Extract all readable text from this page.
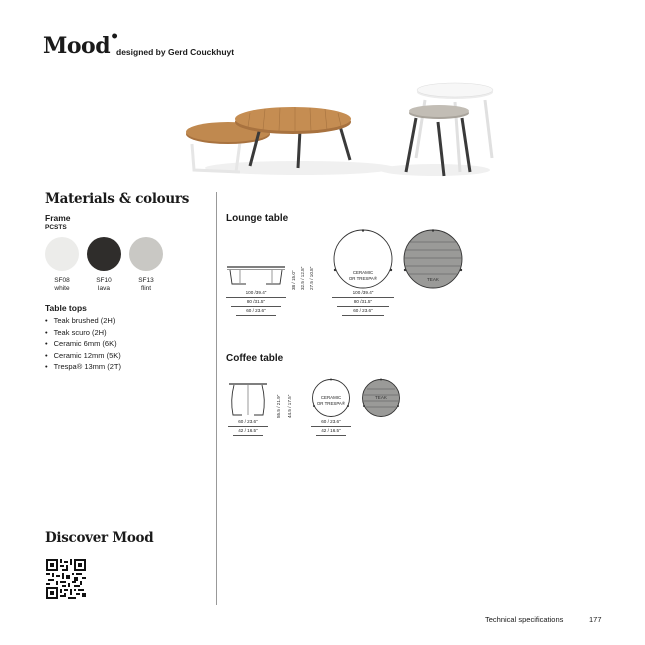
Mood•
designed by Gerd Couckhuyt
Materials & colours
Frame
PCSTS
SF08
white
SF10
lava
SF13
flint
Table tops
• Teak brushed (2H)
• Teak scuro (2H)
• Ceramic 6mm (6K)
• Ceramic 12mm (5K)
• Trespa® 13mm (2T)
Discover Mood
Lounge table
100 /39.4"
80 /31.5"
60 / 23.6"
38 / 15.0" 32.5 / 12.8" 27.5 / 10.8"	CERAMIC
OR TRESPA®	TEAK
100 /39.4"
80 /31.5"
60 / 23.6"
Coffee table
60 / 23.6"
42 / 16.5"
55.5 / 21.9" 44.5 / 17.5"	CERAMIC
OR TRESPA®
TEAK
60 / 23.6"
42 / 16.5"
Technical specifications	177
